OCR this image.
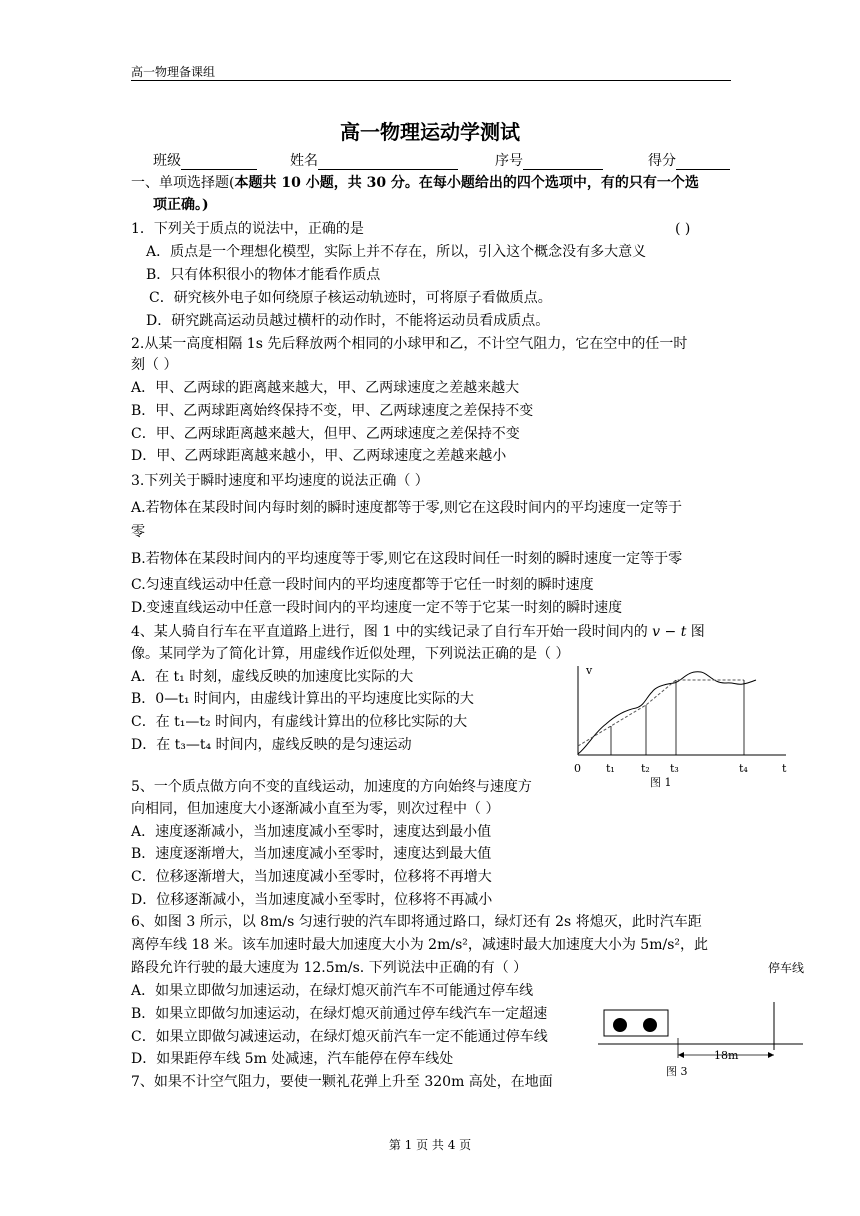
高一物理备课组
高一物理运动学测试
班级	姓名	序号	得分
一、单项选择题(本题共 10 小题，共 30 分。在每小题给出的四个选项中，有的只有一个选
项正确。)
1．下列关于质点的说法中，正确的是	( )
A．质点是一个理想化模型，实际上并不存在，所以，引入这个概念没有多大意义
B．只有体积很小的物体才能看作质点
C．研究核外电子如何绕原子核运动轨迹时，可将原子看做质点。
D．研究跳高运动员越过横杆的动作时，不能将运动员看成质点。
2.从某一高度相隔 1s 先后释放两个相同的小球甲和乙，不计空气阻力，它在空中的任一时
刻（ ）
A．甲、乙两球的距离越来越大，甲、乙两球速度之差越来越大
B．甲、乙两球距离始终保持不变，甲、乙两球速度之差保持不变
C．甲、乙两球距离越来越大，但甲、乙两球速度之差保持不变
D．甲、乙两球距离越来越小，甲、乙两球速度之差越来越小
3.下列关于瞬时速度和平均速度的说法正确（ ）
A.若物体在某段时间内每时刻的瞬时速度都等于零,则它在这段时间内的平均速度一定等于
零
B.若物体在某段时间内的平均速度等于零,则它在这段时间任一时刻的瞬时速度一定等于零
C.匀速直线运动中任意一段时间内的平均速度都等于它任一时刻的瞬时速度
D.变速直线运动中任意一段时间内的平均速度一定不等于它某一时刻的瞬时速度
4、某人骑自行车在平直道路上进行，图 1 中的实线记录了自行车开始一段时间内的 v − t 图
像。某同学为了简化计算，用虚线作近似处理，下列说法正确的是（ ）
A．在 t₁ 时刻，虚线反映的加速度比实际的大
B．0—t₁ 时间内，由虚线计算出的平均速度比实际的大
C．在 t₁—t₂ 时间内，有虚线计算出的位移比实际的大
D．在 t₃—t₄ 时间内，虚线反映的是匀速运动
v
t
0 t₁ t₂ t₃	t₄
图 1
5、一个质点做方向不变的直线运动，加速度的方向始终与速度方
向相同，但加速度大小逐渐减小直至为零，则次过程中（ ）
A．速度逐渐减小，当加速度减小至零时，速度达到最小值
B．速度逐渐增大，当加速度减小至零时，速度达到最大值
C．位移逐渐增大，当加速度减小至零时，位移将不再增大
D．位移逐渐减小，当加速度减小至零时，位移将不再减小
6、如图 3 所示，以 8m/s 匀速行驶的汽车即将通过路口，绿灯还有 2s 将熄灭，此时汽车距
离停车线 18 米。该车加速时最大加速度大小为 2m/s²，减速时最大加速度大小为 5m/s²，此
路段允许行驶的最大速度为 12.5m/s. 下列说法中正确的有（ ）
A．如果立即做匀加速运动，在绿灯熄灭前汽车不可能通过停车线
B．如果立即做匀加速运动，在绿灯熄灭前通过停车线汽车一定超速
C．如果立即做匀减速运动，在绿灯熄灭前汽车一定不能通过停车线
D．如果距停车线 5m 处减速，汽车能停在停车线处
停车线
18m
图 3
7、如果不计空气阻力，要使一颗礼花弹上升至 320m 高处，在地面
第 1 页 共 4 页
